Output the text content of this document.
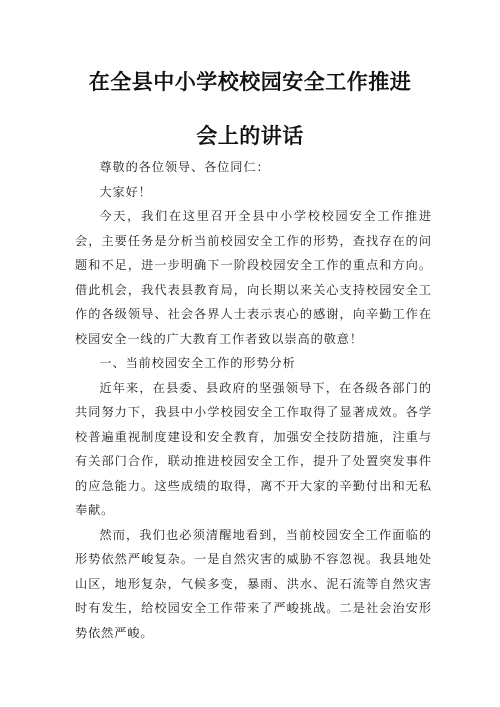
在全县中小学校校园安全工作推进
会上的讲话

尊敬的各位领导、各位同仁：

大家好！

今天，我们在这里召开全县中小学校校园安全工作推进会，主要任务是分析当前校园安全工作的形势，查找存在的问题和不足，进一步明确下一阶段校园安全工作的重点和方向。借此机会，我代表县教育局，向长期以来关心支持校园安全工作的各级领导、社会各界人士表示衷心的感谢，向辛勤工作在校园安全一线的广大教育工作者致以崇高的敬意！

一、当前校园安全工作的形势分析

近年来，在县委、县政府的坚强领导下，在各级各部门的共同努力下，我县中小学校园安全工作取得了显著成效。各学校普遍重视制度建设和安全教育，加强安全技防措施，注重与有关部门合作，联动推进校园安全工作，提升了处置突发事件的应急能力。这些成绩的取得，离不开大家的辛勤付出和无私奉献。

然而，我们也必须清醒地看到，当前校园安全工作面临的形势依然严峻复杂。一是自然灾害的威胁不容忽视。我县地处山区，地形复杂，气候多变，暴雨、洪水、泥石流等自然灾害时有发生，给校园安全工作带来了严峻挑战。二是社会治安形势依然严峻。
